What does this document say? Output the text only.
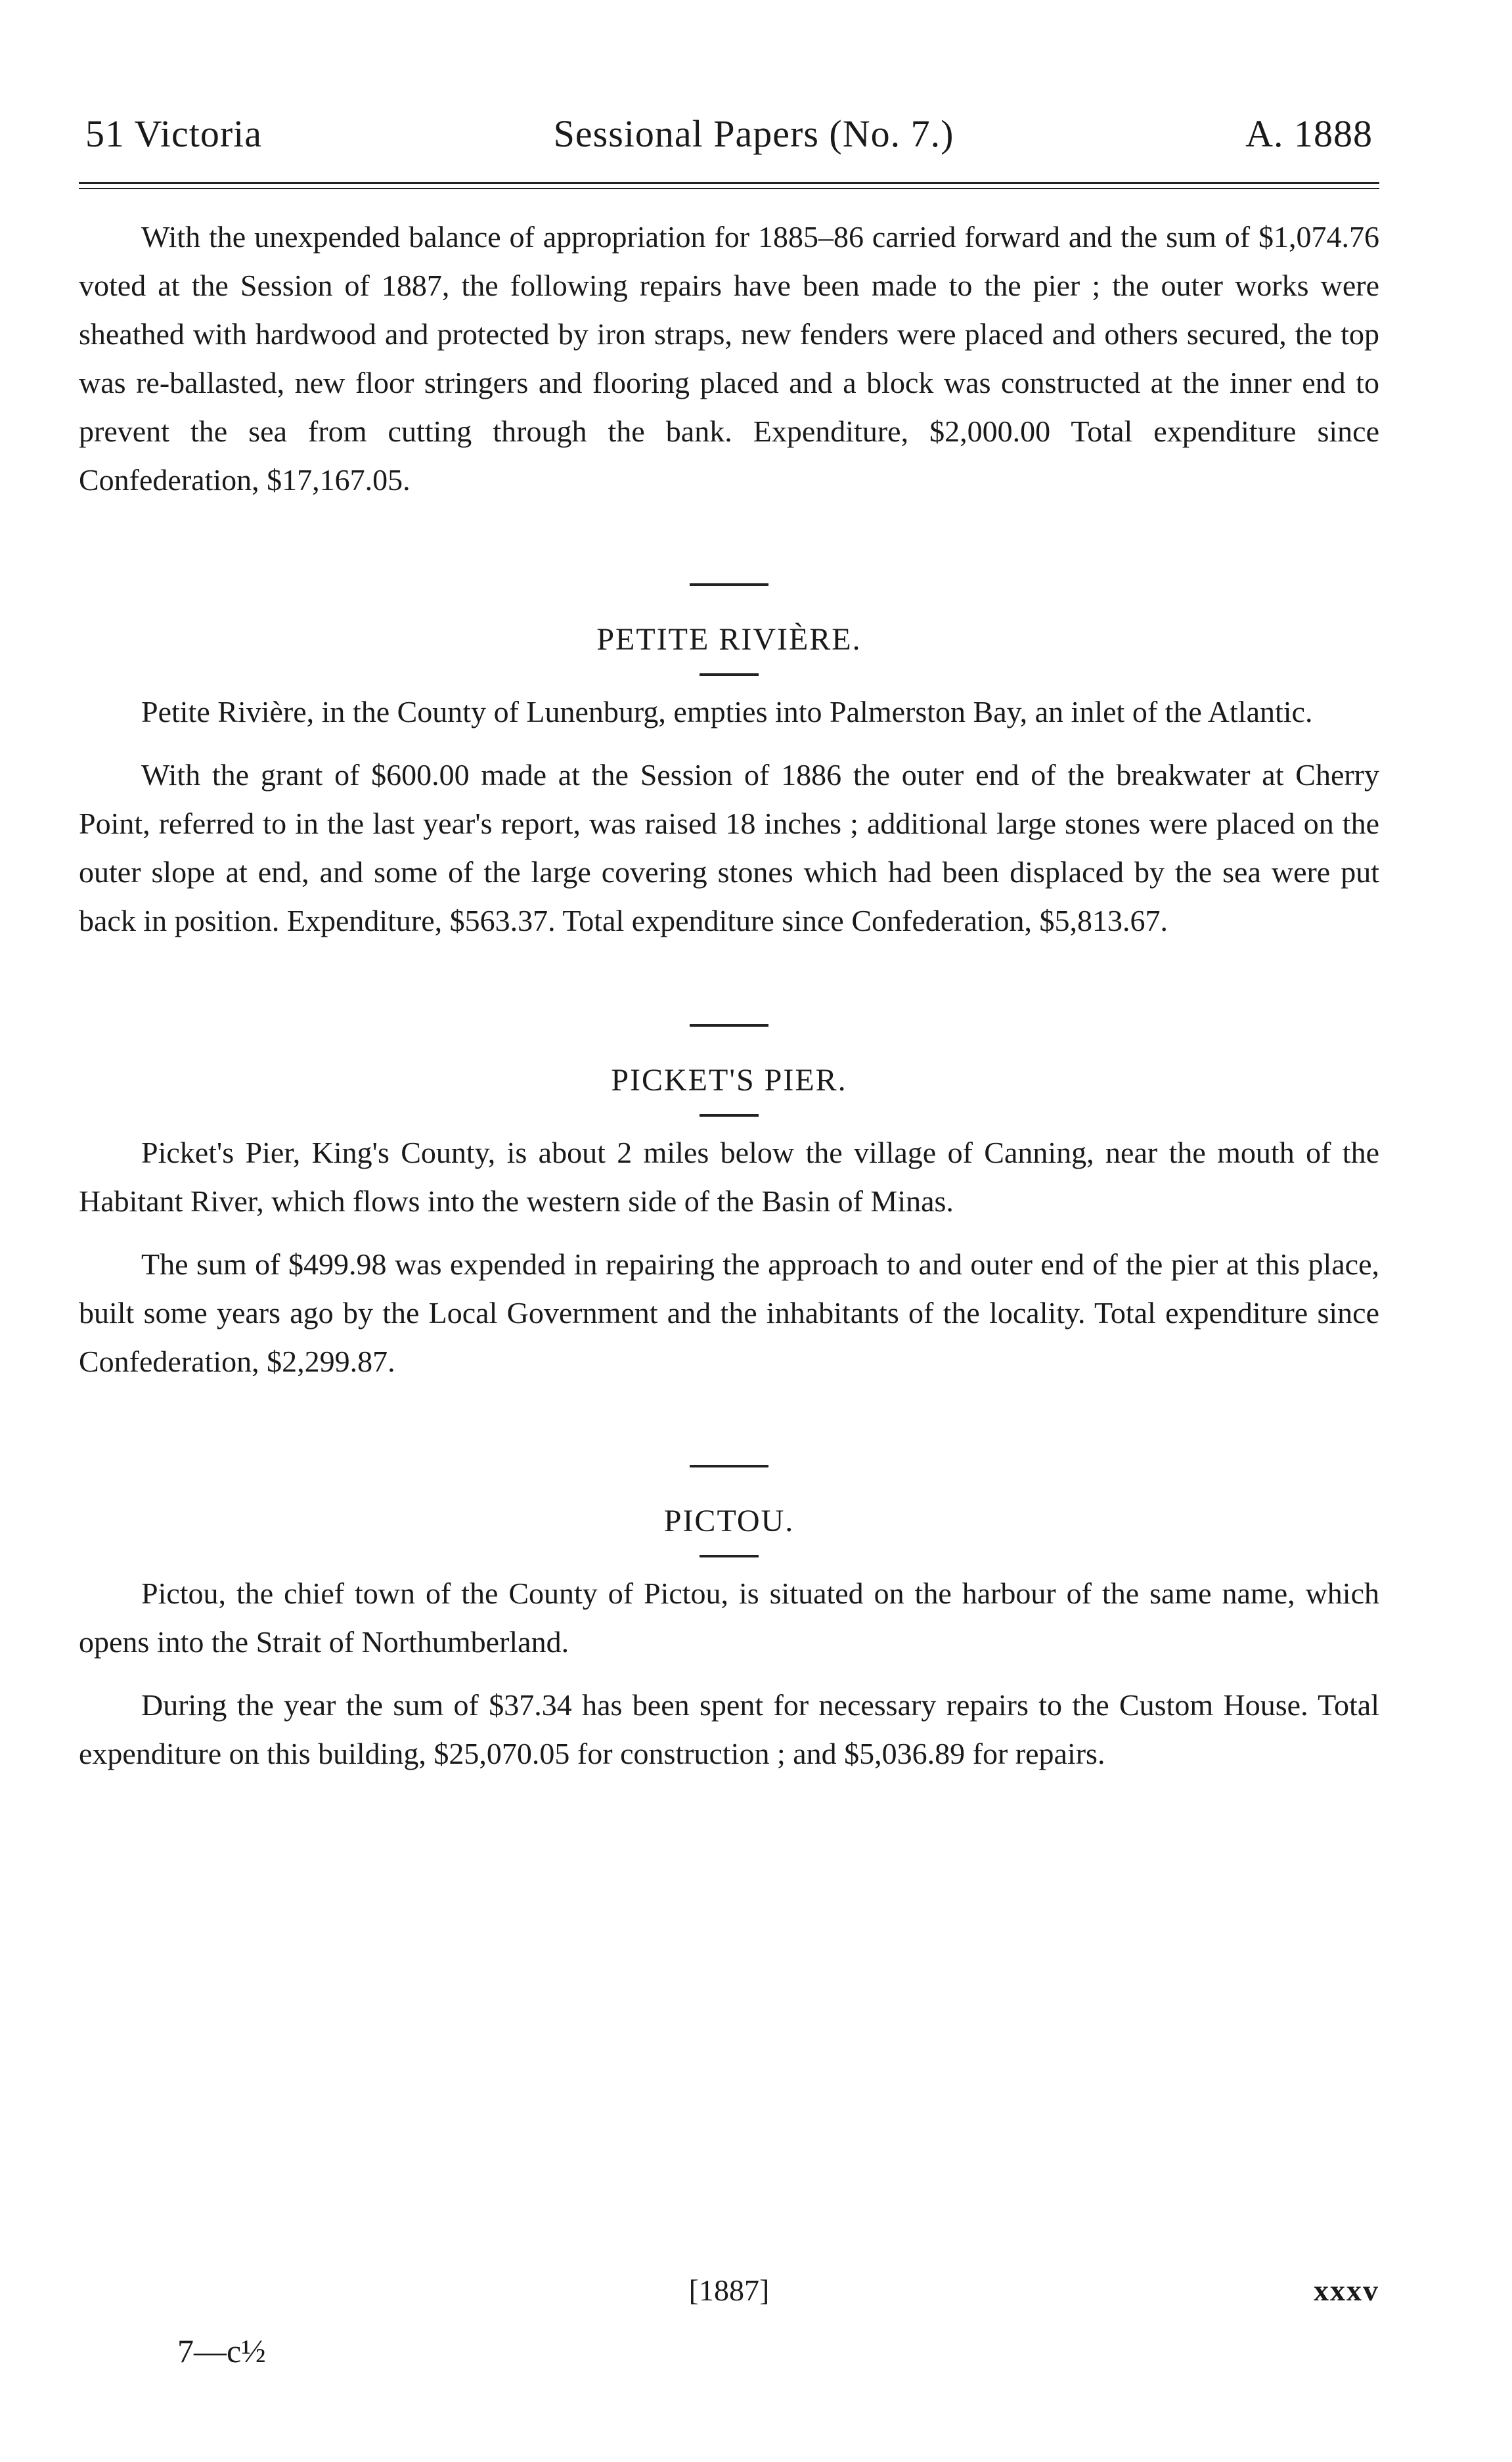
51 Victoria	Sessional Papers (No. 7.)	A. 1888

With the unexpended balance of appropriation for 1885–86 carried forward and the sum of $1,074.76 voted at the Session of 1887, the following repairs have been made to the pier ; the outer works were sheathed with hardwood and protected by iron straps, new fenders were placed and others secured, the top was re-ballasted, new floor stringers and flooring placed and a block was constructed at the inner end to prevent the sea from cutting through the bank. Expenditure, $2,000.00 Total expenditure since Confederation, $17,167.05.

PETITE RIVIÈRE.

Petite Rivière, in the County of Lunenburg, empties into Palmerston Bay, an inlet of the Atlantic.

With the grant of $600.00 made at the Session of 1886 the outer end of the breakwater at Cherry Point, referred to in the last year's report, was raised 18 inches ; additional large stones were placed on the outer slope at end, and some of the large covering stones which had been displaced by the sea were put back in position. Expenditure, $563.37. Total expenditure since Confederation, $5,813.67.

PICKET'S PIER.

Picket's Pier, King's County, is about 2 miles below the village of Canning, near the mouth of the Habitant River, which flows into the western side of the Basin of Minas.

The sum of $499.98 was expended in repairing the approach to and outer end of the pier at this place, built some years ago by the Local Government and the inhabitants of the locality. Total expenditure since Confederation, $2,299.87.

PICTOU.

Pictou, the chief town of the County of Pictou, is situated on the harbour of the same name, which opens into the Strait of Northumberland.

During the year the sum of $37.34 has been spent for necessary repairs to the Custom House. Total expenditure on this building, $25,070.05 for construction ; and $5,036.89 for repairs.

[1887]	xxxv
7—c½
